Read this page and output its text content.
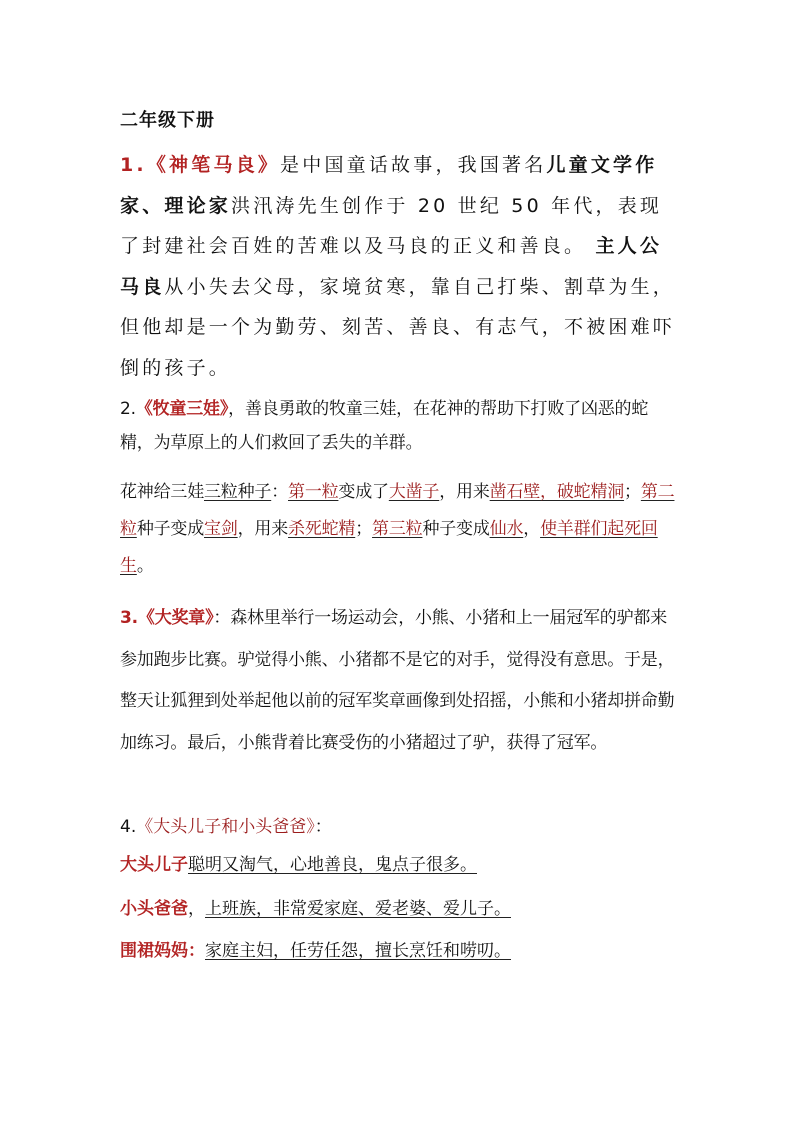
二年级下册
1.《神笔马良》是中国童话故事，我国著名儿童文学作家、理论家洪汛涛先生创作于 20 世纪 50 年代，表现了封建社会百姓的苦难以及马良的正义和善良。 主人公马良从小失去父母，家境贫寒，靠自己打柴、割草为生，但他却是一个为勤劳、刻苦、善良、有志气，不被困难吓倒的孩子。
2.《牧童三娃》，善良勇敢的牧童三娃，在花神的帮助下打败了凶恶的蛇精，为草原上的人们救回了丢失的羊群。
花神给三娃三粒种子：第一粒变成了大凿子，用来凿石壁，破蛇精洞；第二粒种子变成宝剑，用来杀死蛇精；第三粒种子变成仙水，使羊群们起死回生。
3.《大奖章》：森林里举行一场运动会，小熊、小猪和上一届冠军的驴都来参加跑步比赛。驴觉得小熊、小猪都不是它的对手，觉得没有意思。于是，整天让狐狸到处举起他以前的冠军奖章画像到处招摇，小熊和小猪却拼命勤加练习。最后，小熊背着比赛受伤的小猪超过了驴，获得了冠军。
4.《大头儿子和小头爸爸》：
大头儿子聪明又淘气，心地善良，鬼点子很多。
小头爸爸，上班族，非常爱家庭、爱老婆、爱儿子。
围裙妈妈：家庭主妇，任劳任怨，擅长烹饪和唠叨。
